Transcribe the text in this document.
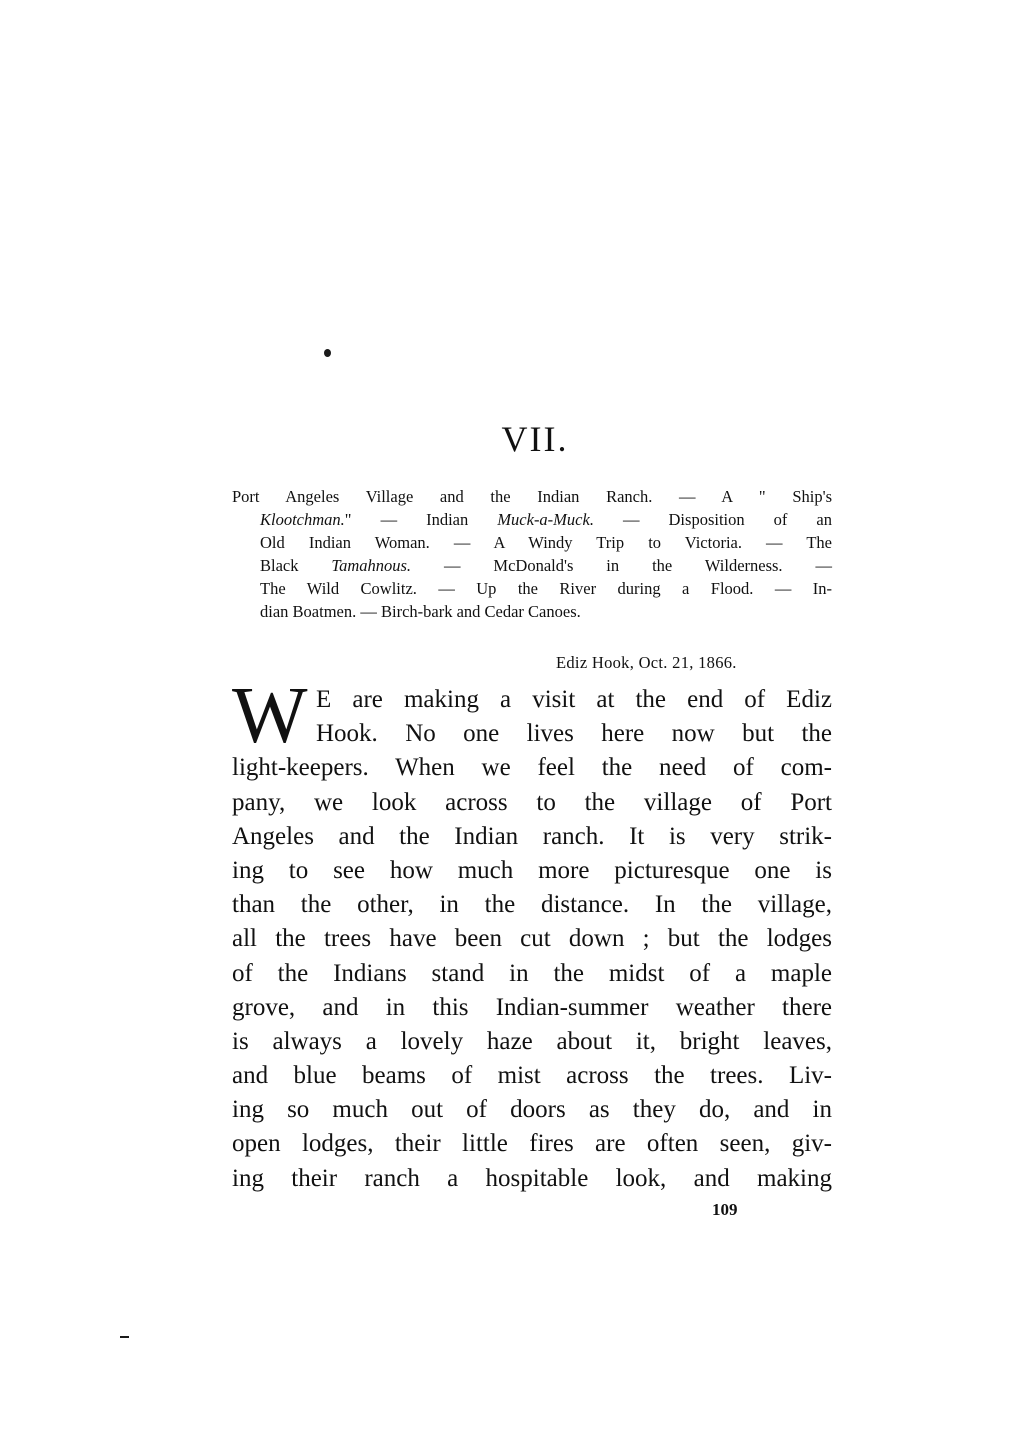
VII.
Port Angeles Village and the Indian Ranch. — A " Ship's
Klootchman." — Indian Muck-a-Muck. — Disposition of an
Old Indian Woman. — A Windy Trip to Victoria. — The
Black Tamahnous. — McDonald's in the Wilderness. —
The Wild Cowlitz. — Up the River during a Flood. — In-
dian Boatmen. — Birch-bark and Cedar Canoes.
Ediz Hook, Oct. 21, 1866.
W E are making a visit at the end of Ediz
Hook. No one lives here now but the
light-keepers. When we feel the need of com-
pany, we look across to the village of Port
Angeles and the Indian ranch. It is very strik-
ing to see how much more picturesque one is
than the other, in the distance. In the village,
all the trees have been cut down ; but the lodges
of the Indians stand in the midst of a maple
grove, and in this Indian-summer weather there
is always a lovely haze about it, bright leaves,
and blue beams of mist across the trees. Liv-
ing so much out of doors as they do, and in
open lodges, their little fires are often seen, giv-
ing their ranch a hospitable look, and making
109
